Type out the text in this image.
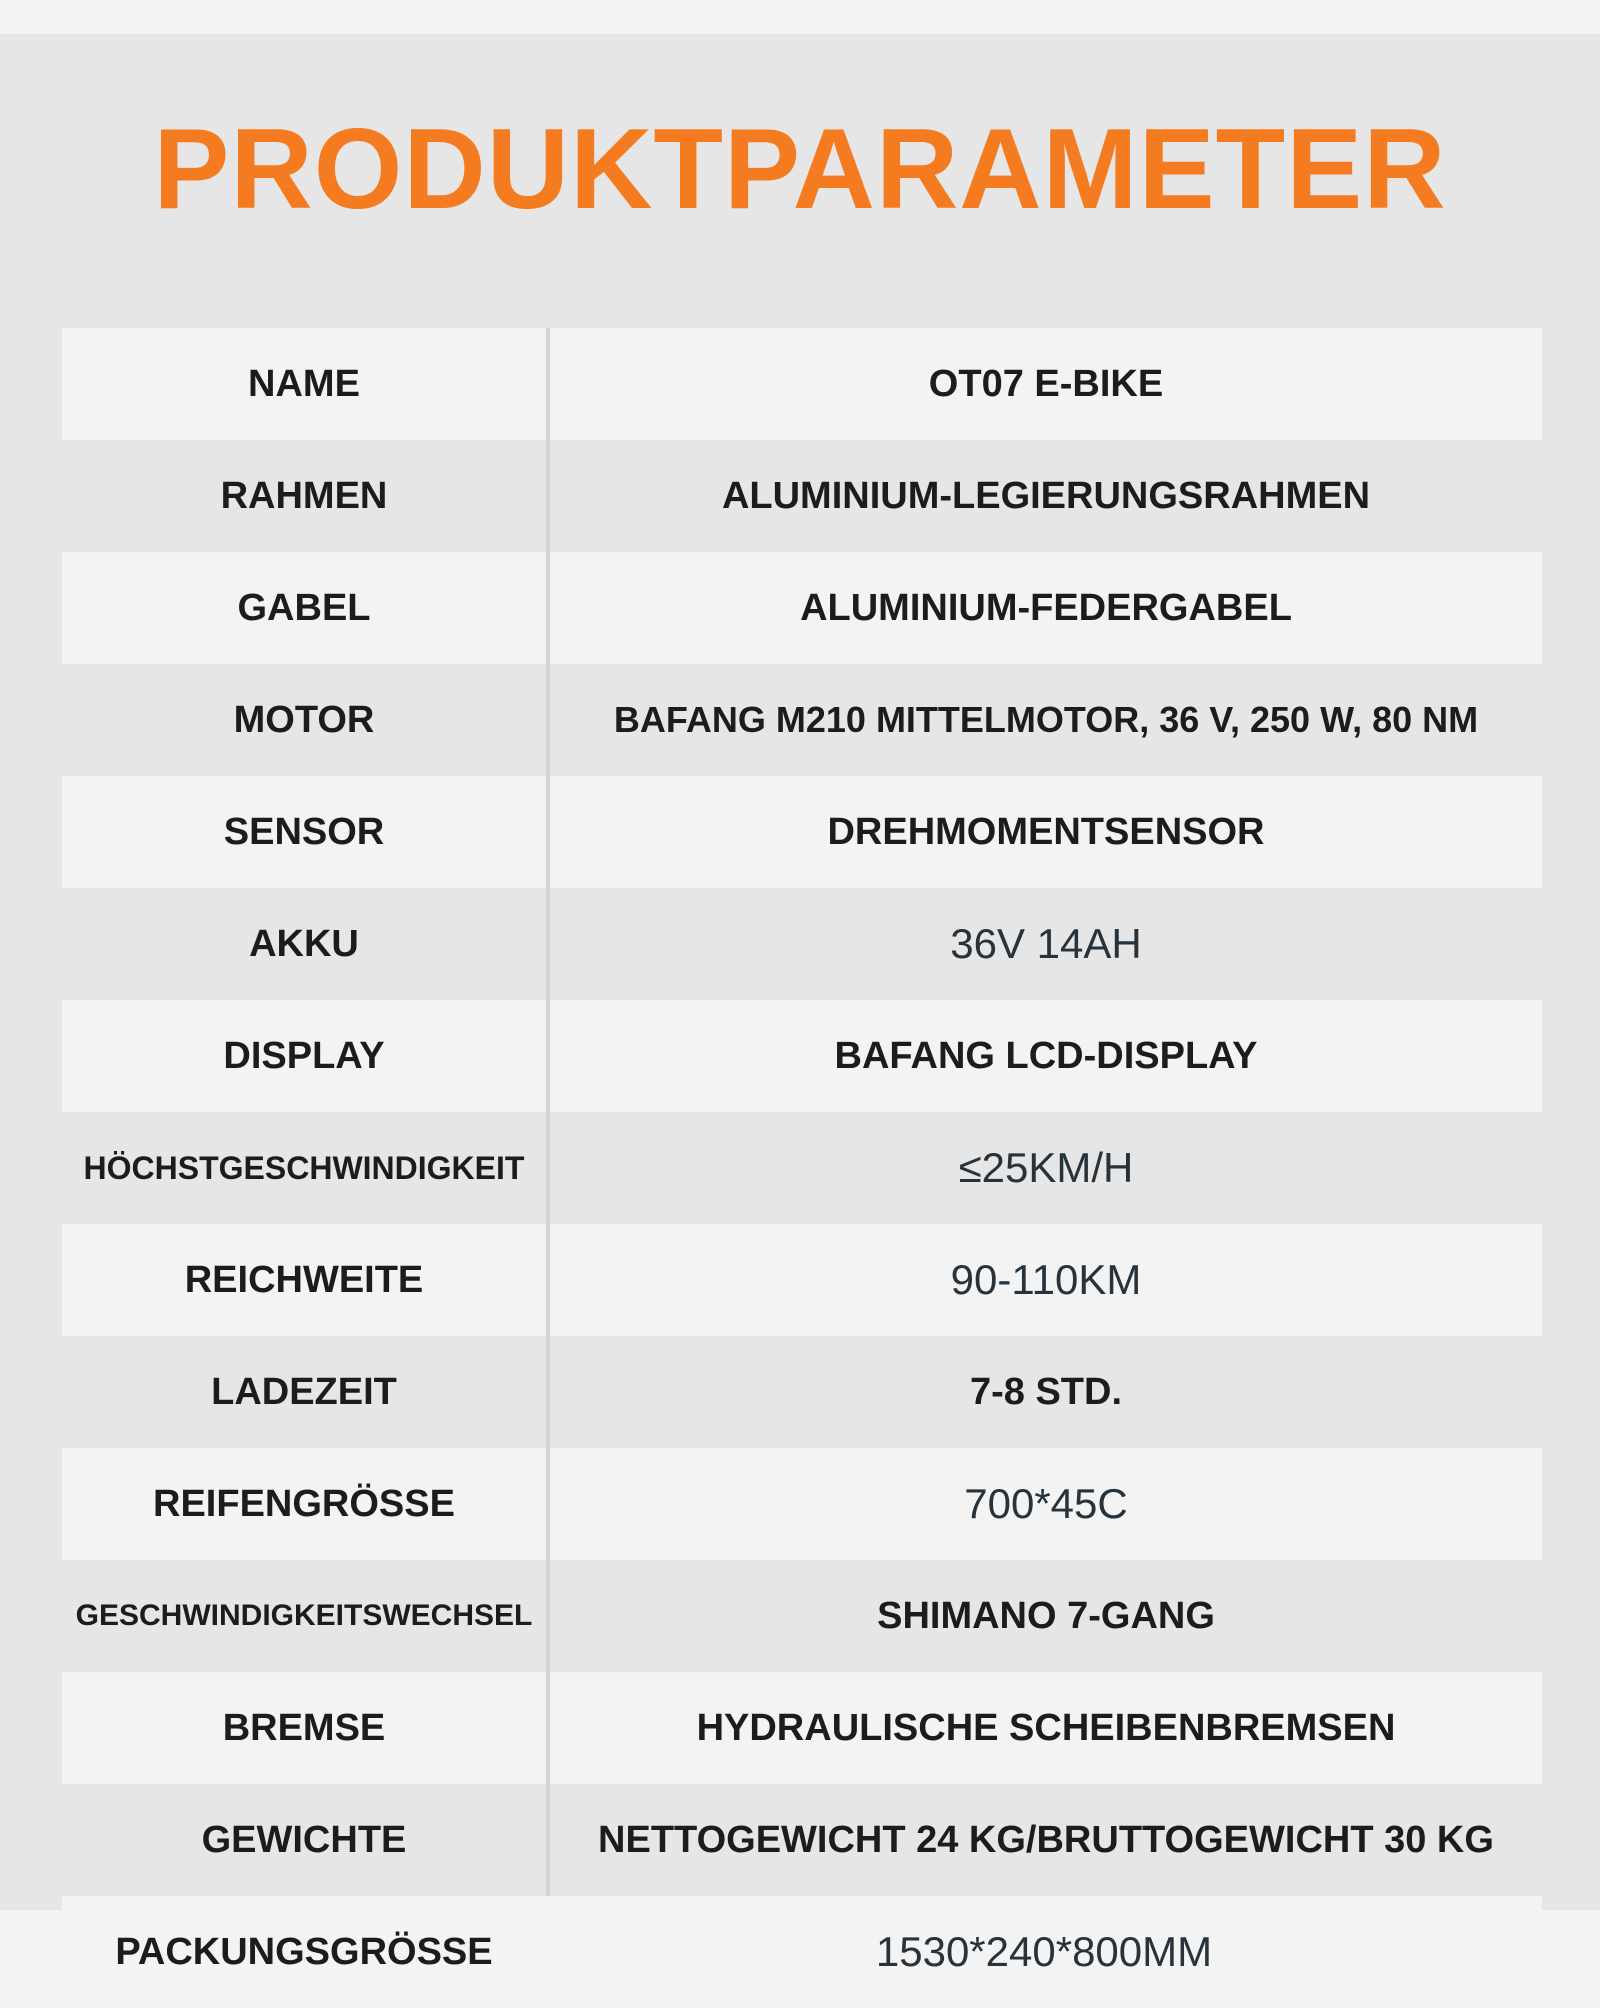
PRODUKTPARAMETER
NAME	OT07 E-BIKE
RAHMEN	ALUMINIUM-LEGIERUNGSRAHMEN
GABEL	ALUMINIUM-FEDERGABEL
MOTOR	BAFANG M210 MITTELMOTOR, 36 V, 250 W, 80 NM
SENSOR	DREHMOMENTSENSOR
AKKU	36V 14AH
DISPLAY	BAFANG LCD-DISPLAY
HÖCHSTGESCHWINDIGKEIT	≤25KM/H
REICHWEITE	90-110KM
LADEZEIT	7-8 STD.
REIFENGRÖSSE	700*45C
GESCHWINDIGKEITSWECHSEL	SHIMANO 7-GANG
BREMSE	HYDRAULISCHE SCHEIBENBREMSEN
GEWICHTE	NETTOGEWICHT 24 KG/BRUTTOGEWICHT 30 KG
PACKUNGSGRÖSSE	1530*240*800MM
